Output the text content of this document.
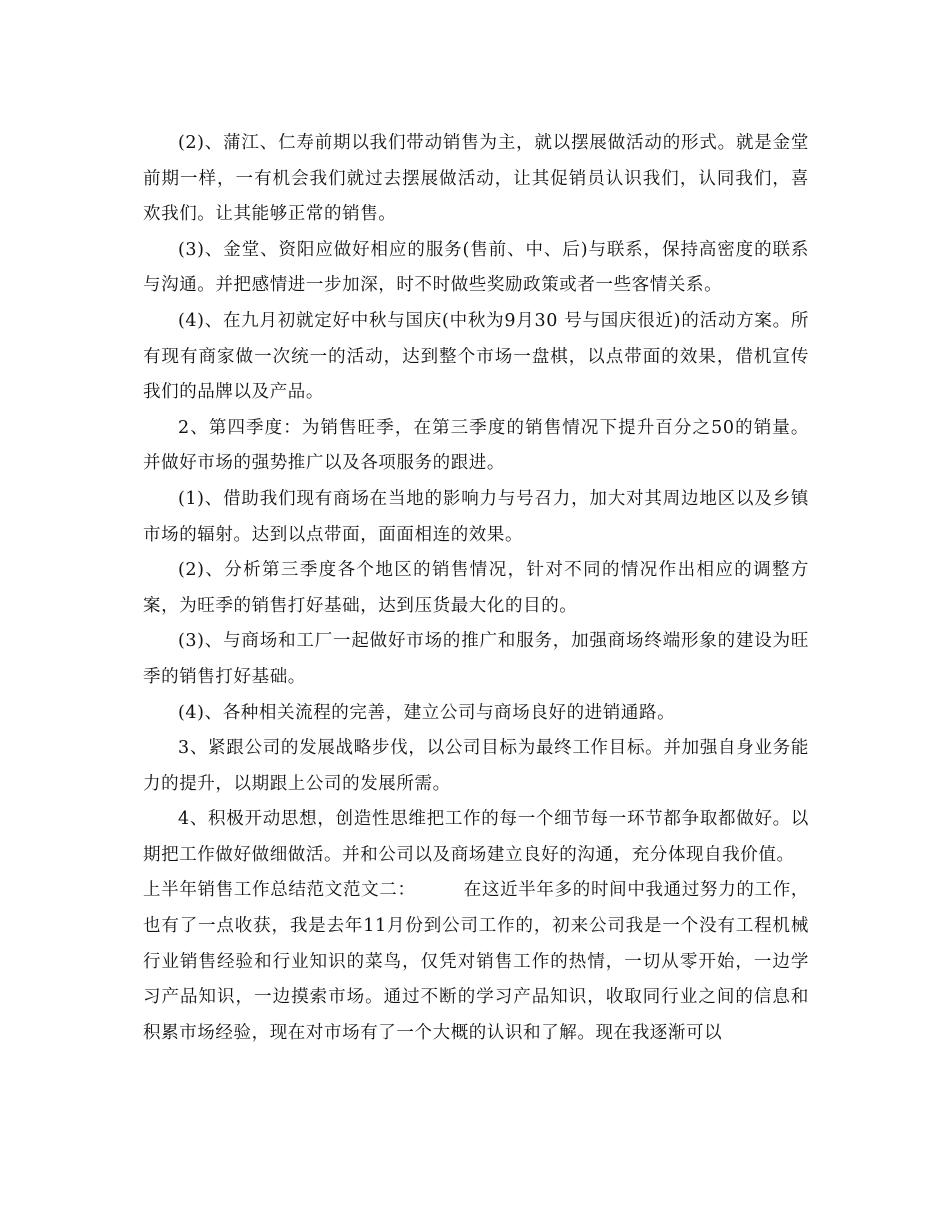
(2)、蒲江、仁寿前期以我们带动销售为主，就以摆展做活动的形式。就是金堂前期一样，一有机会我们就过去摆展做活动，让其促销员认识我们，认同我们，喜欢我们。让其能够正常的销售。

(3)、金堂、资阳应做好相应的服务(售前、中、后)与联系，保持高密度的联系与沟通。并把感情进一步加深，时不时做些奖励政策或者一些客情关系。

(4)、在九月初就定好中秋与国庆(中秋为9月30 号与国庆很近)的活动方案。所有现有商家做一次统一的活动，达到整个市场一盘棋，以点带面的效果，借机宣传我们的品牌以及产品。

2、第四季度：为销售旺季，在第三季度的销售情况下提升百分之50的销量。并做好市场的强势推广以及各项服务的跟进。

(1)、借助我们现有商场在当地的影响力与号召力，加大对其周边地区以及乡镇市场的辐射。达到以点带面，面面相连的效果。

(2)、分析第三季度各个地区的销售情况，针对不同的情况作出相应的调整方案，为旺季的销售打好基础，达到压货最大化的目的。

(3)、与商场和工厂一起做好市场的推广和服务，加强商场终端形象的建设为旺季的销售打好基础。

(4)、各种相关流程的完善，建立公司与商场良好的进销通路。

3、紧跟公司的发展战略步伐，以公司目标为最终工作目标。并加强自身业务能力的提升，以期跟上公司的发展所需。

4、积极开动思想，创造性思维把工作的每一个细节每一环节都争取都做好。以期把工作做好做细做活。并和公司以及商场建立良好的沟通，充分体现自我价值。

上半年销售工作总结范文范文二：	在这近半年多的时间中我通过努力的工作，也有了一点收获，我是去年11月份到公司工作的，初来公司我是一个没有工程机械行业销售经验和行业知识的菜鸟，仅凭对销售工作的热情，一切从零开始，一边学习产品知识，一边摸索市场。通过不断的学习产品知识，收取同行业之间的信息和积累市场经验，现在对市场有了一个大概的认识和了解。现在我逐渐可以
